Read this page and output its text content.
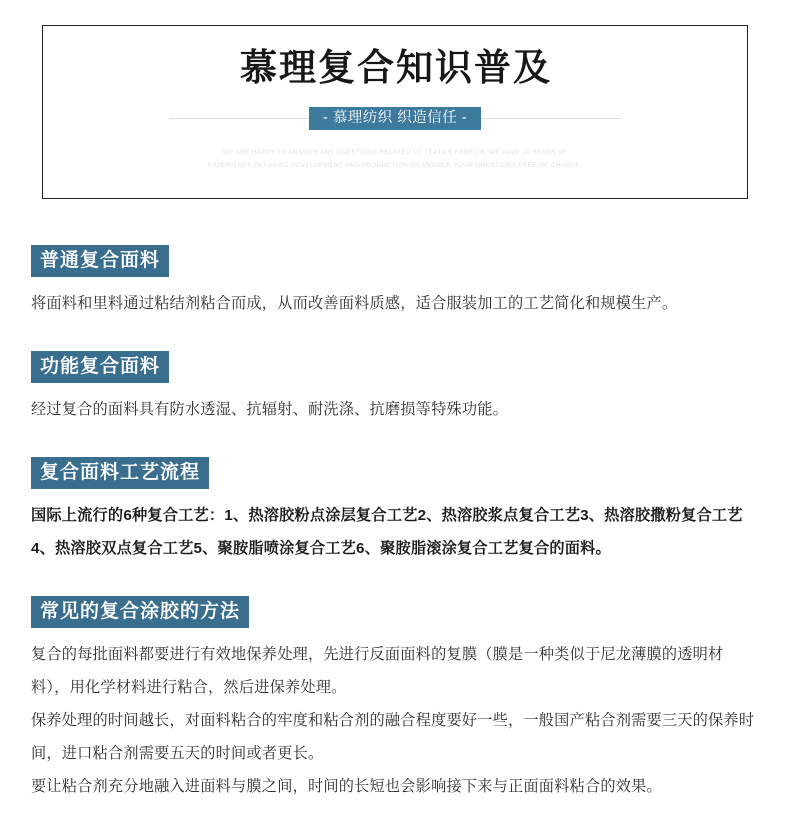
慕理复合知识普及
- 慕理纺织 织造信任 -
WE ARE HAPPY TO ANSWER ANY QUESTIONS RELATED TO TEXTILE FABRICS. WE HAVE 20 YEARS OF
EXPERIENCE IN FABRIC DEVELOPMENT AND PRODUCTION TO ANSWER YOUR QUESTIONS FREE OF CHARGE.
普通复合面料

将面料和里料通过粘结剂粘合而成，从而改善面料质感，适合服装加工的工艺简化和规模生产。

功能复合面料

经过复合的面料具有防水透湿、抗辐射、耐洗涤、抗磨损等特殊功能。

复合面料工艺流程

国际上流行的6种复合工艺：1、热溶胶粉点涂层复合工艺2、热溶胶浆点复合工艺3、热溶胶撒粉复合工艺4、热溶胶双点复合工艺5、聚胺脂喷涂复合工艺6、聚胺脂滚涂复合工艺复合的面料。

常见的复合涂胶的方法

复合的每批面料都要进行有效地保养处理，先进行反面面料的复膜（膜是一种类似于尼龙薄膜的透明材料），用化学材料进行粘合，然后进保养处理。

保养处理的时间越长，对面料粘合的牢度和粘合剂的融合程度要好一些，一般国产粘合剂需要三天的保养时间，进口粘合剂需要五天的时间或者更长。

要让粘合剂充分地融入进面料与膜之间，时间的长短也会影响接下来与正面面料粘合的效果。
